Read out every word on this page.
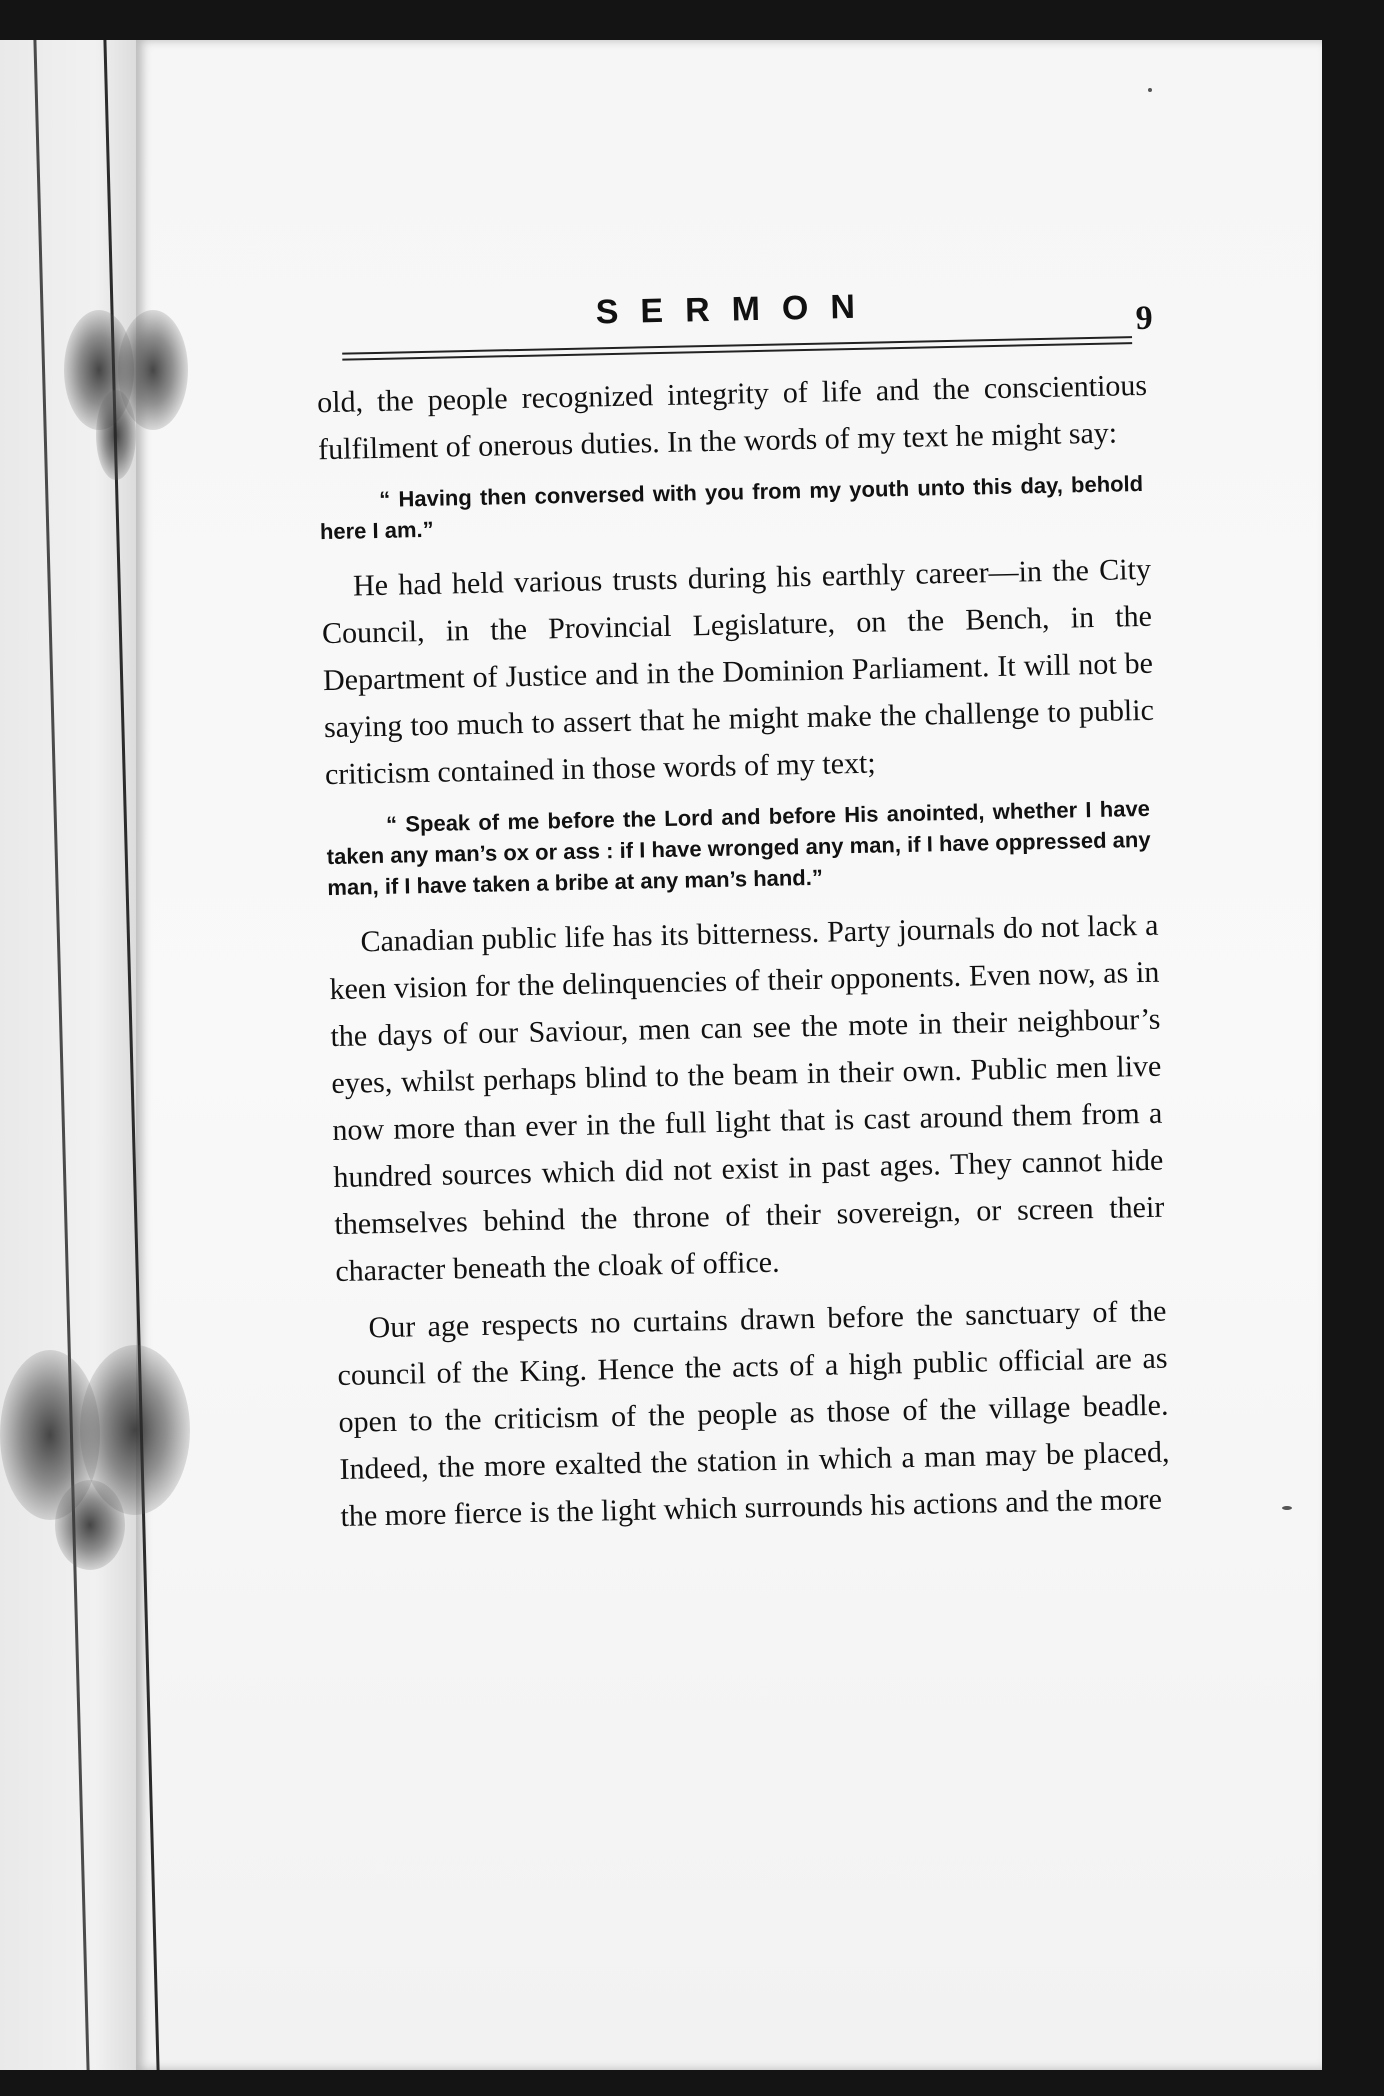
SERMON	9

old, the people recognized integrity of life and the conscientious fulfilment of onerous duties. In the words of my text he might say:

“ Having then conversed with you from my youth unto this day, behold here I am.”

He had held various trusts during his earthly career—in the City Council, in the Provincial Legislature, on the Bench, in the Department of Justice and in the Dominion Parliament. It will not be saying too much to assert that he might make the challenge to public criticism contained in those words of my text;

“ Speak of me before the Lord and before His anointed, whether I have taken any man’s ox or ass : if I have wronged any man, if I have oppressed any man, if I have taken a bribe at any man’s hand.”

Canadian public life has its bitterness. Party journals do not lack a keen vision for the delinquencies of their opponents. Even now, as in the days of our Saviour, men can see the mote in their neighbour’s eyes, whilst perhaps blind to the beam in their own. Public men live now more than ever in the full light that is cast around them from a hundred sources which did not exist in past ages. They cannot hide themselves behind the throne of their sovereign, or screen their character beneath the cloak of office.

Our age respects no curtains drawn before the sanctuary of the council of the King. Hence the acts of a high public official are as open to the criticism of the people as those of the village beadle. Indeed, the more exalted the station in which a man may be placed, the more fierce is the light which surrounds his actions and the more
